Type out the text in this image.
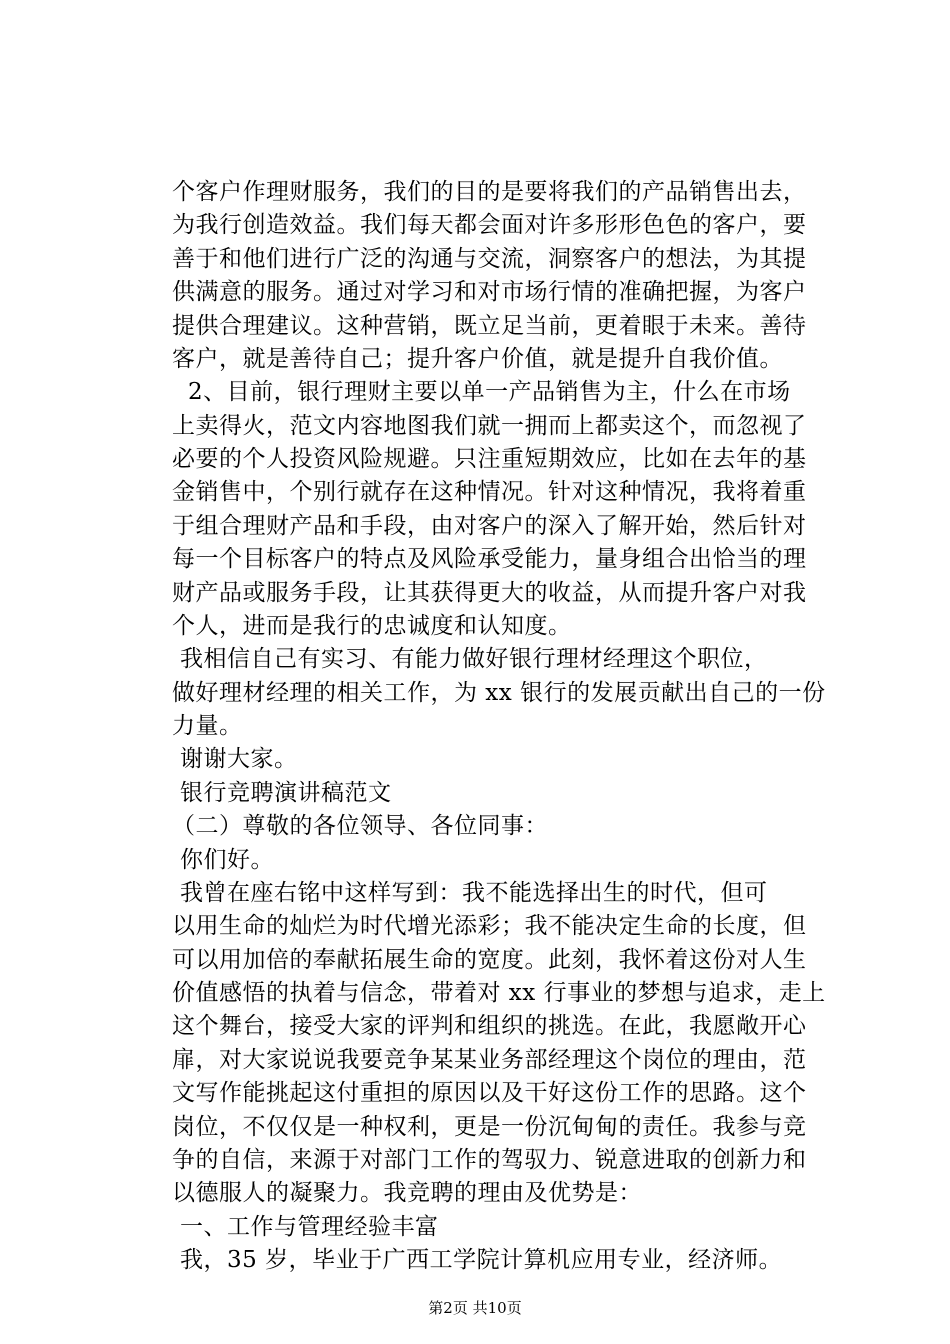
个客户作理财服务，我们的目的是要将我们的产品销售出去，
为我行创造效益。我们每天都会面对许多形形色色的客户，要
善于和他们进行广泛的沟通与交流，洞察客户的想法，为其提
供满意的服务。通过对学习和对市场行情的准确把握，为客户
提供合理建议。这种营销，既立足当前，更着眼于未来。善待
客户，就是善待自己；提升客户价值，就是提升自我价值。
2、目前，银行理财主要以单一产品销售为主，什么在市场
上卖得火，范文内容地图我们就一拥而上都卖这个，而忽视了
必要的个人投资风险规避。只注重短期效应，比如在去年的基
金销售中，个别行就存在这种情况。针对这种情况，我将着重
于组合理财产品和手段，由对客户的深入了解开始，然后针对
每一个目标客户的特点及风险承受能力，量身组合出恰当的理
财产品或服务手段，让其获得更大的收益，从而提升客户对我
个人，进而是我行的忠诚度和认知度。
我相信自己有实习、有能力做好银行理材经理这个职位，
做好理材经理的相关工作，为 xx 银行的发展贡献出自己的一份
力量。
谢谢大家。
银行竞聘演讲稿范文
（二）尊敬的各位领导、各位同事：
你们好。
我曾在座右铭中这样写到：我不能选择出生的时代，但可
以用生命的灿烂为时代增光添彩；我不能决定生命的长度，但
可以用加倍的奉献拓展生命的宽度。此刻，我怀着这份对人生
价值感悟的执着与信念，带着对 xx 行事业的梦想与追求，走上
这个舞台，接受大家的评判和组织的挑选。在此，我愿敞开心
扉，对大家说说我要竞争某某业务部经理这个岗位的理由，范
文写作能挑起这付重担的原因以及干好这份工作的思路。这个
岗位，不仅仅是一种权利，更是一份沉甸甸的责任。我参与竞
争的自信，来源于对部门工作的驾驭力、锐意进取的创新力和
以德服人的凝聚力。我竞聘的理由及优势是：
一、工作与管理经验丰富
我，35 岁，毕业于广西工学院计算机应用专业，经济师。
第2页 共10页
